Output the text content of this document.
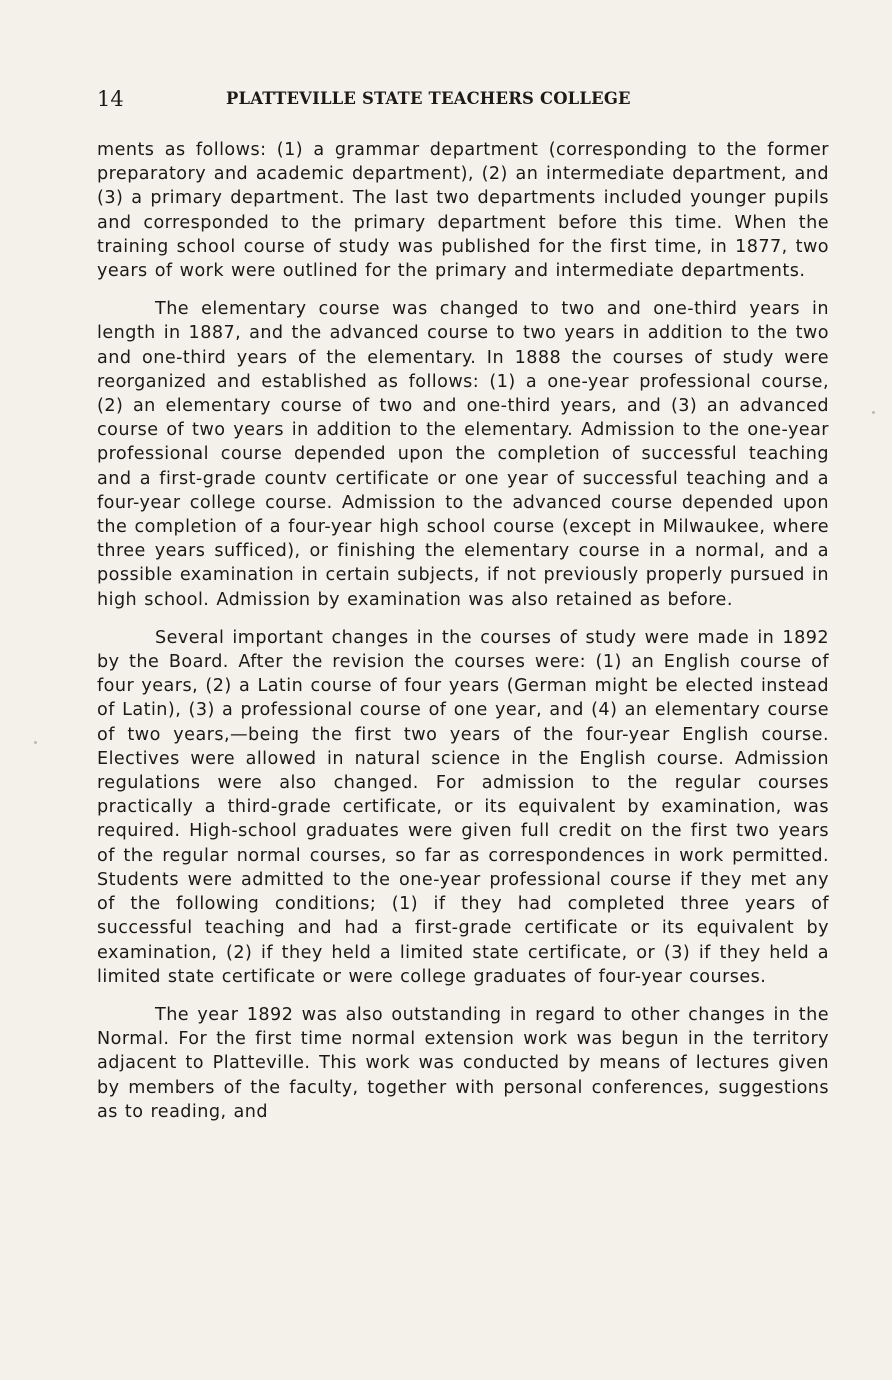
14	PLATTEVILLE STATE TEACHERS COLLEGE

ments as follows: (1) a grammar department (corresponding to the former preparatory and academic department), (2) an intermediate department, and (3) a primary department. The last two departments included younger pupils and corresponded to the primary department before this time. When the training school course of study was published for the first time, in 1877, two years of work were outlined for the primary and intermediate departments.

The elementary course was changed to two and one-third years in length in 1887, and the advanced course to two years in addition to the two and one-third years of the elementary. In 1888 the courses of study were reorganized and established as follows: (1) a one-year professional course, (2) an elementary course of two and one-third years, and (3) an advanced course of two years in addition to the elementary. Admission to the one-year professional course depended upon the completion of successful teaching and a first-grade countv certificate or one year of successful teaching and a four-year college course. Admission to the advanced course depended upon the completion of a four-year high school course (except in Milwaukee, where three years sufficed), or finishing the elementary course in a normal, and a possible examination in certain subjects, if not previously properly pursued in high school. Admission by examination was also retained as before.

Several important changes in the courses of study were made in 1892 by the Board. After the revision the courses were: (1) an English course of four years, (2) a Latin course of four years (German might be elected instead of Latin), (3) a professional course of one year, and (4) an elementary course of two years,—being the first two years of the four-year English course. Electives were allowed in natural science in the English course. Admission regulations were also changed. For admission to the regular courses practically a third-grade certificate, or its equivalent by examination, was required. High-school graduates were given full credit on the first two years of the regular normal courses, so far as correspondences in work permitted. Students were admitted to the one-year professional course if they met any of the following conditions; (1) if they had completed three years of successful teaching and had a first-grade certificate or its equivalent by examination, (2) if they held a limited state certificate, or (3) if they held a limited state certificate or were college graduates of four-year courses.

The year 1892 was also outstanding in regard to other changes in the Normal. For the first time normal extension work was begun in the territory adjacent to Platteville. This work was conducted by means of lectures given by members of the faculty, together with personal conferences, suggestions as to reading, and
